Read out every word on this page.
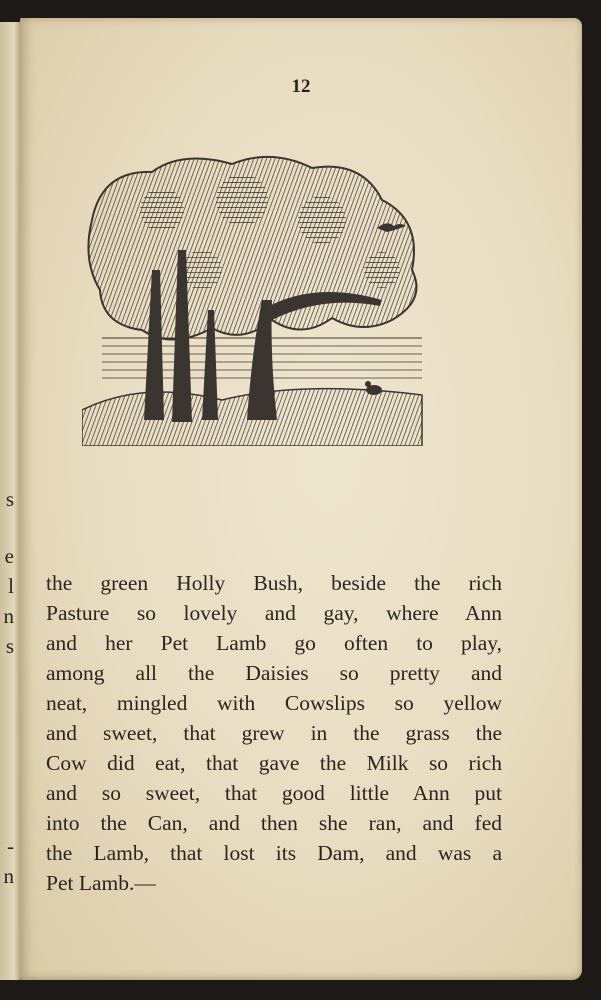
s
e
l
n
s
-
n
12
the green Holly Bush, beside the rich
Pasture so lovely and gay, where Ann
and her Pet Lamb go often to play,
among all the Daisies so pretty and
neat, mingled with Cowslips so yellow
and sweet, that grew in the grass the
Cow did eat, that gave the Milk so rich
and so sweet, that good little Ann put
into the Can, and then she ran, and fed
the Lamb, that lost its Dam, and was a
Pet Lamb.—
